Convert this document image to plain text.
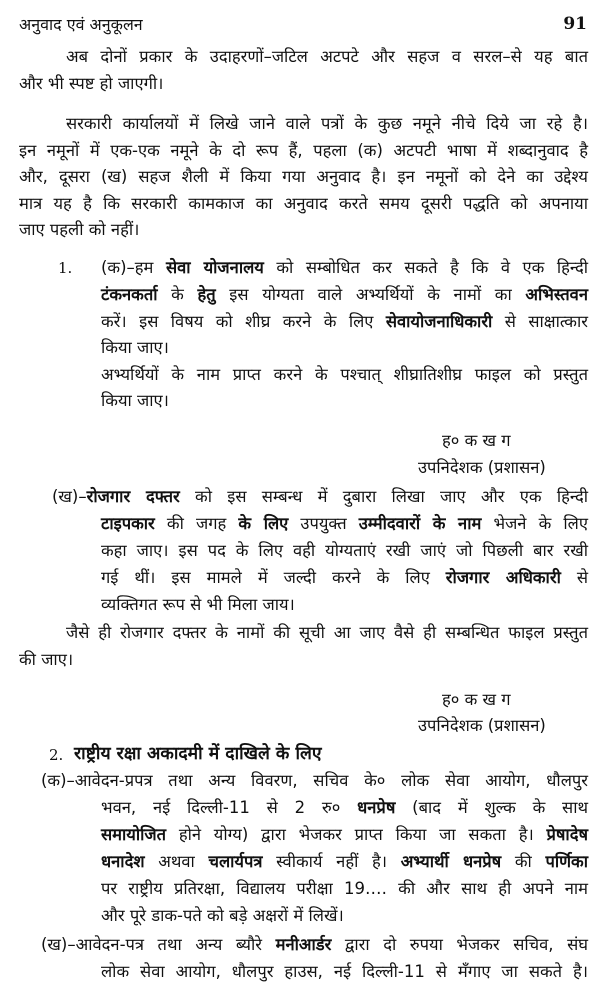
अनुवाद एवं अनुकूलन	91
अब दोनों प्रकार के उदाहरणों–जटिल अटपटे और सहज व सरल–से यह बात
और भी स्पष्ट हो जाएगी।
सरकारी कार्यालयों में लिखे जाने वाले पत्रों के कुछ नमूने नीचे दिये जा रहे है।
इन नमूनों में एक-एक नमूने के दो रूप हैं, पहला (क) अटपटी भाषा में शब्दानुवाद है
और, दूसरा (ख) सहज शैली में किया गया अनुवाद है। इन नमूनों को देने का उद्देश्य
मात्र यह है कि सरकारी कामकाज का अनुवाद करते समय दूसरी पद्धति को अपनाया
जाए पहली को नहीं।
1. (क)–हम सेवा योजनालय को सम्बोधित कर सकते है कि वे एक हिन्दी
टंकनकर्ता के हेतु इस योग्यता वाले अभ्यर्थियों के नामों का अभिस्तवन
करें। इस विषय को शीघ्र करने के लिए सेवायोजनाधिकारी से साक्षात्कार
किया जाए।
अभ्यर्थियों के नाम प्राप्त करने के पश्चात् शीघ्रातिशीघ्र फाइल को प्रस्तुत
किया जाए।
ह० क ख ग
उपनिदेशक (प्रशासन)
(ख)–रोजगार दफ्तर को इस सम्बन्ध में दुबारा लिखा जाए और एक हिन्दी
टाइपकार की जगह के लिए उपयुक्त उम्मीदवारों के नाम भेजने के लिए
कहा जाए। इस पद के लिए वही योग्यताएं रखी जाएं जो पिछली बार रखी
गई थीं। इस मामले में जल्दी करने के लिए रोजगार अधिकारी से
व्यक्तिगत रूप से भी मिला जाय।
जैसे ही रोजगार दफ्तर के नामों की सूची आ जाए वैसे ही सम्बन्धित फाइल प्रस्तुत
की जाए।
ह० क ख ग
उपनिदेशक (प्रशासन)
2. राष्ट्रीय रक्षा अकादमी में दाखिले के लिए
(क)–आवेदन-प्रपत्र तथा अन्य विवरण, सचिव के० लोक सेवा आयोग, धौलपुर
भवन, नई दिल्ली-11 से 2 रु० धनप्रेष (बाद में शुल्क के साथ
समायोजित होने योग्य) द्वारा भेजकर प्राप्त किया जा सकता है। प्रेषादेष
धनादेश अथवा चलार्यपत्र स्वीकार्य नहीं है। अभ्यार्थी धनप्रेष की पर्णिका
पर राष्ट्रीय प्रतिरक्षा, विद्यालय परीक्षा 19‥‥ की और साथ ही अपने नाम
और पूरे डाक-पते को बड़े अक्षरों में लिखें।
(ख)–आवेदन-पत्र तथा अन्य ब्यौरे मनीआर्डर द्वारा दो रुपया भेजकर सचिव, संघ
लोक सेवा आयोग, धौलपुर हाउस, नई दिल्ली-11 से मँगाए जा सकते है।
